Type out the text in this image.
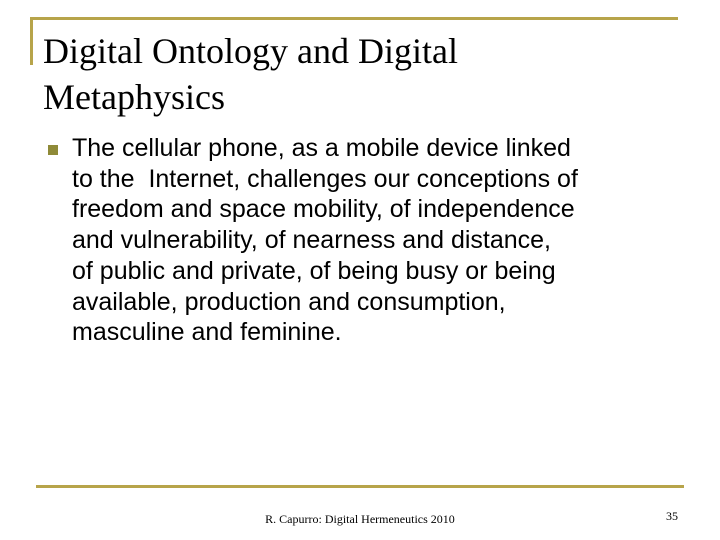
Digital Ontology and Digital
Metaphysics
The cellular phone, as a mobile device linked
to the  Internet, challenges our conceptions of
freedom and space mobility, of independence
and vulnerability, of nearness and distance,
of public and private, of being busy or being
available, production and consumption,
masculine and feminine.
R. Capurro: Digital Hermeneutics 2010	35
